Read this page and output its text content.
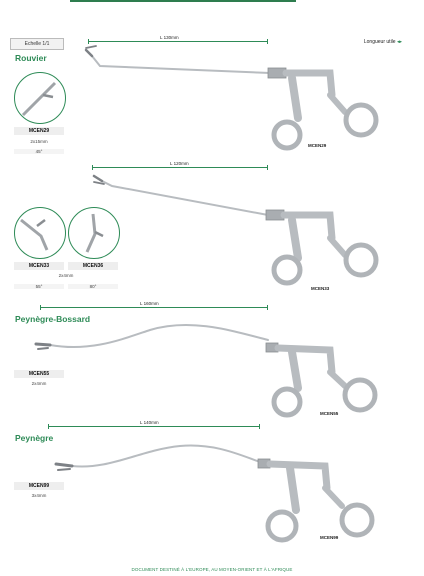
Echelle 1/1	Longueur utile ◂▸
Rouvier
MCEN29
2x15mm
45°
L 130mm
MCEN29
MCEN33	MCEN36
2x4mm
55°	80°
L 120mm
MCEN33
Peynègre-Bossard
MCEN55
2x4mm
L 160mm
MCEN55
Peynègre
MCEN99
3x4mm
L 140mm
MCEN99
DOCUMENT DESTINÉ À L'EUROPE, AU MOYEN-ORIENT ET À L'AFRIQUE
